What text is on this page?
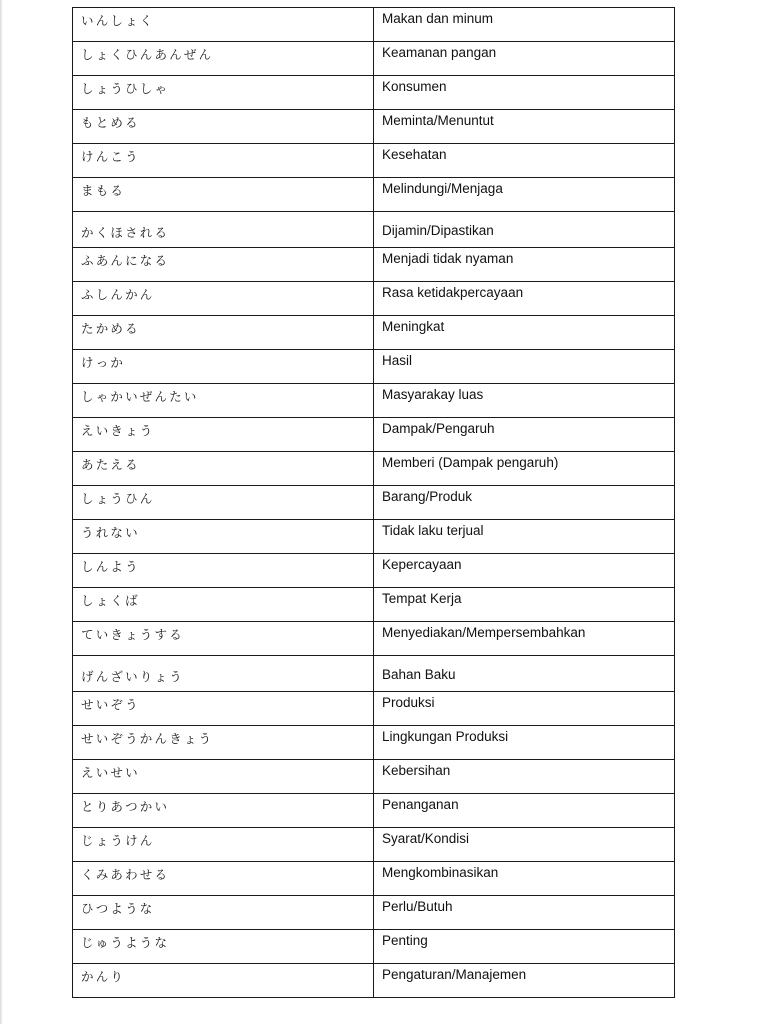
いんしょく	Makan dan minum
しょくひんあんぜん	Keamanan pangan
しょうひしゃ	Konsumen
もとめる	Meminta/Menuntut
けんこう	Kesehatan
まもる	Melindungi/Menjaga
かくほされる	Dijamin/Dipastikan
ふあんになる	Menjadi tidak nyaman
ふしんかん	Rasa ketidakpercayaan
たかめる	Meningkat
けっか	Hasil
しゃかいぜんたい	Masyarakay luas
えいきょう	Dampak/Pengaruh
あたえる	Memberi (Dampak pengaruh)
しょうひん	Barang/Produk
うれない	Tidak laku terjual
しんよう	Kepercayaan
しょくば	Tempat Kerja
ていきょうする	Menyediakan/Mempersembahkan
げんざいりょう	Bahan Baku
せいぞう	Produksi
せいぞうかんきょう	Lingkungan Produksi
えいせい	Kebersihan
とりあつかい	Penanganan
じょうけん	Syarat/Kondisi
くみあわせる	Mengkombinasikan
ひつような	Perlu/Butuh
じゅうような	Penting
かんり	Pengaturan/Manajemen
